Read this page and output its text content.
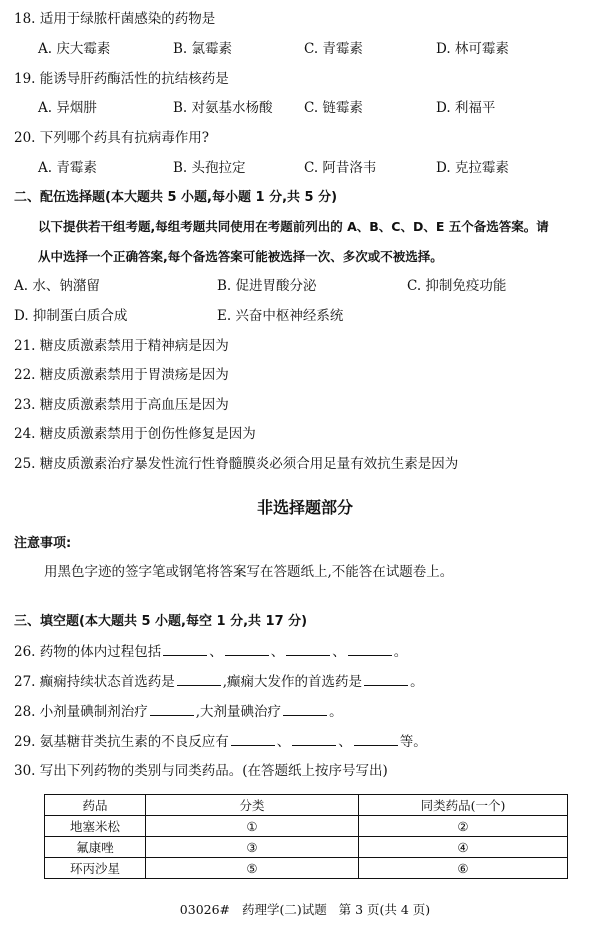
18. 适用于绿脓杆菌感染的药物是
A. 庆大霉素	B. 氯霉素	C. 青霉素	D. 林可霉素
19. 能诱导肝药酶活性的抗结核药是
A. 异烟肼	B. 对氨基水杨酸 C. 链霉素	D. 利福平
20. 下列哪个药具有抗病毒作用?
A. 青霉素	B. 头孢拉定	C. 阿昔洛韦	D. 克拉霉素
二、配伍选择题(本大题共 5 小题,每小题 1 分,共 5 分)
以下提供若干组考题,每组考题共同使用在考题前列出的 A、B、C、D、E 五个备选答案。请
从中选择一个正确答案,每个备选答案可能被选择一次、多次或不被选择。
A. 水、钠潴留	B. 促进胃酸分泌	C. 抑制免疫功能
D. 抑制蛋白质合成	E. 兴奋中枢神经系统
21. 糖皮质激素禁用于精神病是因为
22. 糖皮质激素禁用于胃溃疡是因为
23. 糖皮质激素禁用于高血压是因为
24. 糖皮质激素禁用于创伤性修复是因为
25. 糖皮质激素治疗暴发性流行性脊髓膜炎必须合用足量有效抗生素是因为
非选择题部分
注意事项:
用黑色字迹的签字笔或钢笔将答案写在答题纸上,不能答在试题卷上。
三、填空题(本大题共 5 小题,每空 1 分,共 17 分)
26. 药物的体内过程包括	、	、	、	。
27. 癫痫持续状态首选药是	,癫痫大发作的首选药是	。
28. 小剂量碘制剂治疗	,大剂量碘治疗	。
29. 氨基糖苷类抗生素的不良反应有	、	、	等。
30. 写出下列药物的类别与同类药品。(在答题纸上按序号写出)
药品	分类	同类药品(一个)
地塞米松	①	②
氟康唑	③	④
环丙沙星	⑤	⑥
03026#   药理学(二)试题   第 3 页(共 4 页)
